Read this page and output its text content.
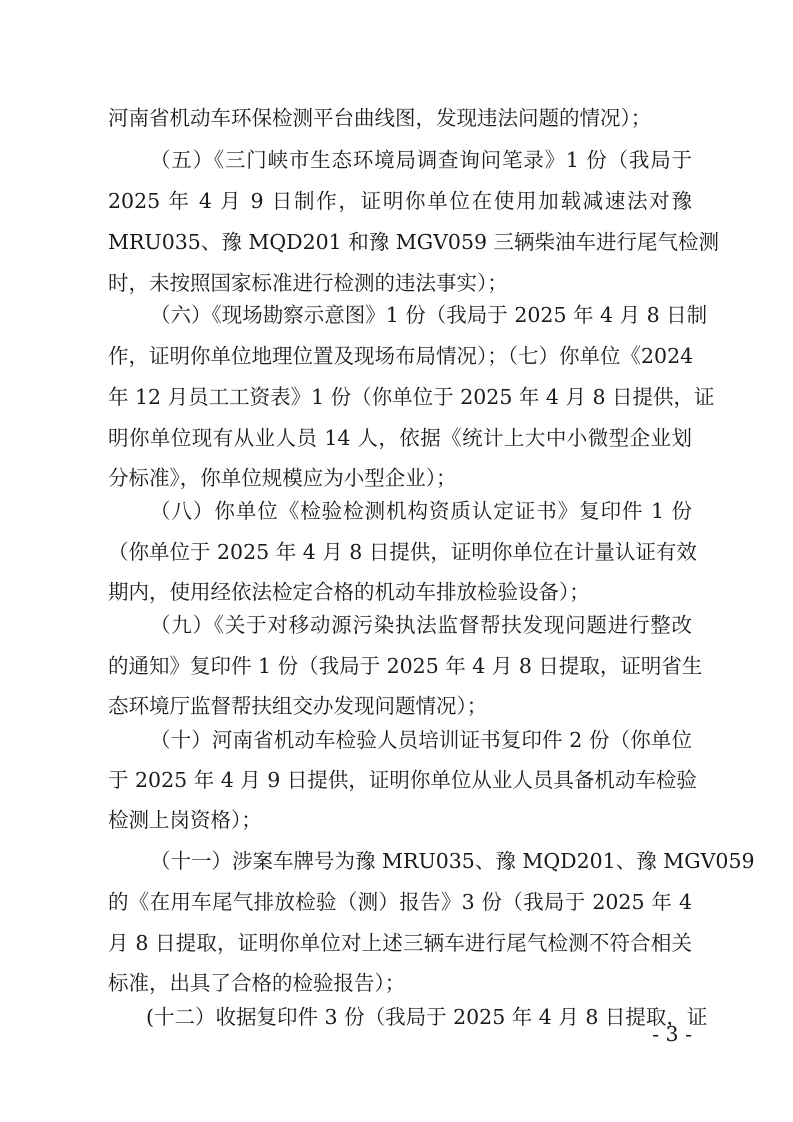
河南省机动车环保检测平台曲线图，发现违法问题的情况）；
（五）《三门峡市生态环境局调查询问笔录》1 份（我局于
2025 年 4 月 9 日制作，证明你单位在使用加载减速法对豫
MRU035、豫 MQD201 和豫 MGV059 三辆柴油车进行尾气检测
时，未按照国家标准进行检测的违法事实）；
（六）《现场勘察示意图》1 份（我局于 2025 年 4 月 8 日制
作，证明你单位地理位置及现场布局情况）；（七）你单位《2024
年 12 月员工工资表》1 份（你单位于 2025 年 4 月 8 日提供，证
明你单位现有从业人员 14 人，依据《统计上大中小微型企业划
分标准》，你单位规模应为小型企业）；
（八）你单位《检验检测机构资质认定证书》复印件 1 份
（你单位于 2025 年 4 月 8 日提供，证明你单位在计量认证有效
期内，使用经依法检定合格的机动车排放检验设备）；
（九）《关于对移动源污染执法监督帮扶发现问题进行整改
的通知》复印件 1 份（我局于 2025 年 4 月 8 日提取，证明省生
态环境厅监督帮扶组交办发现问题情况）；
（十）河南省机动车检验人员培训证书复印件 2 份（你单位
于 2025 年 4 月 9 日提供，证明你单位从业人员具备机动车检验
检测上岗资格）；
（十一）涉案车牌号为豫 MRU035、豫 MQD201、豫 MGV059
的《在用车尾气排放检验（测）报告》3 份（我局于 2025 年 4
月 8 日提取，证明你单位对上述三辆车进行尾气检测不符合相关
标准，出具了合格的检验报告）；
(十二）收据复印件 3 份（我局于 2025 年 4 月 8 日提取，证
- 3 -
